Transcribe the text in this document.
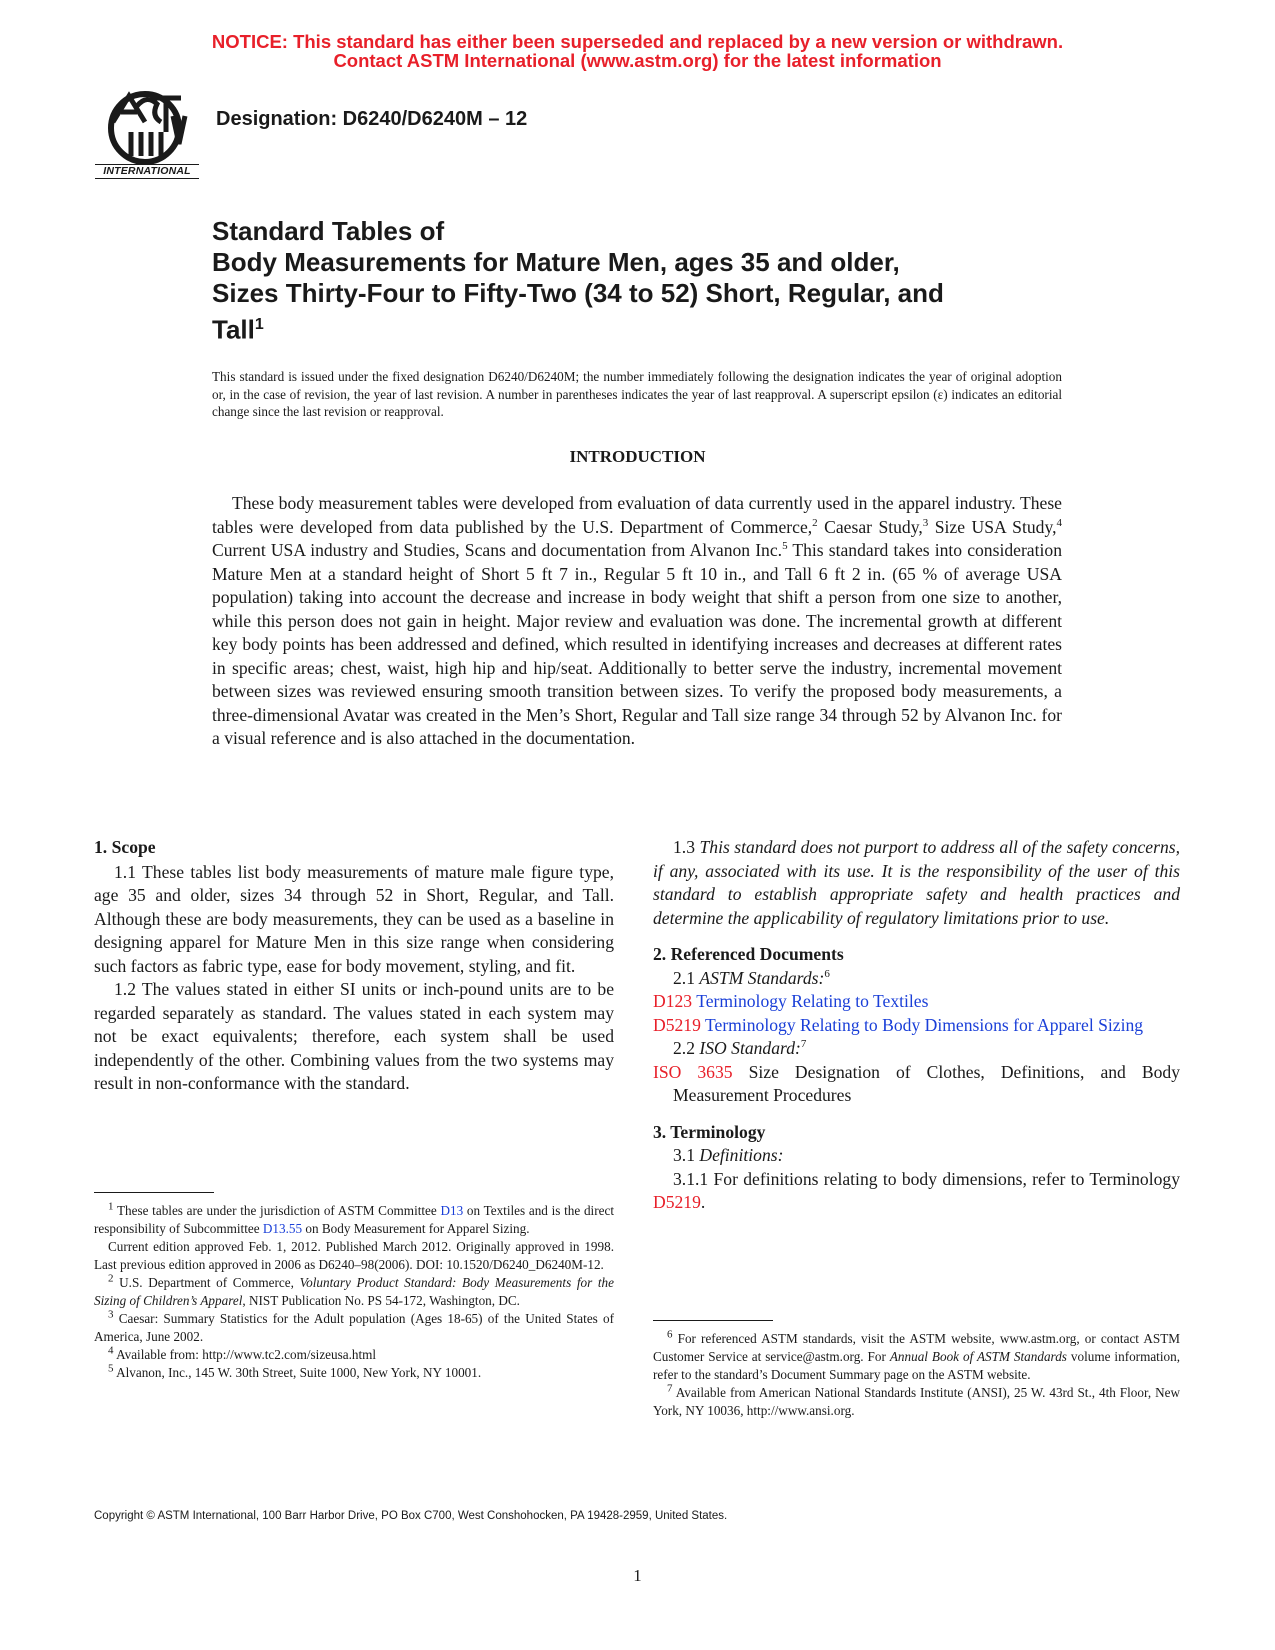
NOTICE: This standard has either been superseded and replaced by a new version or withdrawn.
Contact ASTM International (www.astm.org) for the latest information
INTERNATIONAL
Designation: D6240/D6240M – 12
Standard Tables of
Body Measurements for Mature Men, ages 35 and older,
Sizes Thirty-Four to Fifty-Two (34 to 52) Short, Regular, and
Tall$^1$
This standard is issued under the fixed designation D6240/D6240M; the number immediately following the designation indicates the year of original adoption or, in the case of revision, the year of last revision. A number in parentheses indicates the year of last reapproval. A superscript epsilon (ε) indicates an editorial change since the last revision or reapproval.
INTRODUCTION
These body measurement tables were developed from evaluation of data currently used in the apparel industry. These tables were developed from data published by the U.S. Department of Commerce,$^2$ Caesar Study,$^3$ Size USA Study,$^4$ Current USA industry and Studies, Scans and documentation from Alvanon Inc.$^5$ This standard takes into consideration Mature Men at a standard height of Short 5 ft 7 in., Regular 5 ft 10 in., and Tall 6 ft 2 in. (65 % of average USA population) taking into account the decrease and increase in body weight that shift a person from one size to another, while this person does not gain in height. Major review and evaluation was done. The incremental growth at different key body points has been addressed and defined, which resulted in identifying increases and decreases at different rates in specific areas; chest, waist, high hip and hip/seat. Additionally to better serve the industry, incremental movement between sizes was reviewed ensuring smooth transition between sizes. To verify the proposed body measurements, a three-dimensional Avatar was created in the Men’s Short, Regular and Tall size range 34 through 52 by Alvanon Inc. for a visual reference and is also attached in the documentation.

1. Scope

1.1 These tables list body measurements of mature male figure type, age 35 and older, sizes 34 through 52 in Short, Regular, and Tall. Although these are body measurements, they can be used as a baseline in designing apparel for Mature Men in this size range when considering such factors as fabric type, ease for body movement, styling, and fit.

1.2 The values stated in either SI units or inch-pound units are to be regarded separately as standard. The values stated in each system may not be exact equivalents; therefore, each system shall be used independently of the other. Combining values from the two systems may result in non-conformance with the standard.

$^1$ These tables are under the jurisdiction of ASTM Committee D13 on Textiles and is the direct responsibility of Subcommittee D13.55 on Body Measurement for Apparel Sizing.

Current edition approved Feb. 1, 2012. Published March 2012. Originally approved in 1998. Last previous edition approved in 2006 as D6240–98(2006). DOI: 10.1520/D6240_D6240M-12.

$^2$ U.S. Department of Commerce, Voluntary Product Standard: Body Measurements for the Sizing of Children’s Apparel, NIST Publication No. PS 54-172, Washington, DC.

$^3$ Caesar: Summary Statistics for the Adult population (Ages 18-65) of the United States of America, June 2002.

$^4$ Available from: http://www.tc2.com/sizeusa.html

$^5$ Alvanon, Inc., 145 W. 30th Street, Suite 1000, New York, NY 10001.

1.3 This standard does not purport to address all of the safety concerns, if any, associated with its use. It is the responsibility of the user of this standard to establish appropriate safety and health practices and determine the applicability of regulatory limitations prior to use.

2. Referenced Documents

2.1 ASTM Standards:$^6$

D123 Terminology Relating to Textiles

D5219 Terminology Relating to Body Dimensions for Apparel Sizing

2.2 ISO Standard:$^7$

ISO 3635 Size Designation of Clothes, Definitions, and Body Measurement Procedures

3. Terminology

3.1 Definitions:

3.1.1 For definitions relating to body dimensions, refer to Terminology D5219.

$^6$ For referenced ASTM standards, visit the ASTM website, www.astm.org, or contact ASTM Customer Service at service@astm.org. For Annual Book of ASTM Standards volume information, refer to the standard’s Document Summary page on the ASTM website.

$^7$ Available from American National Standards Institute (ANSI), 25 W. 43rd St., 4th Floor, New York, NY 10036, http://www.ansi.org.

Copyright © ASTM International, 100 Barr Harbor Drive, PO Box C700, West Conshohocken, PA 19428-2959, United States.
1
